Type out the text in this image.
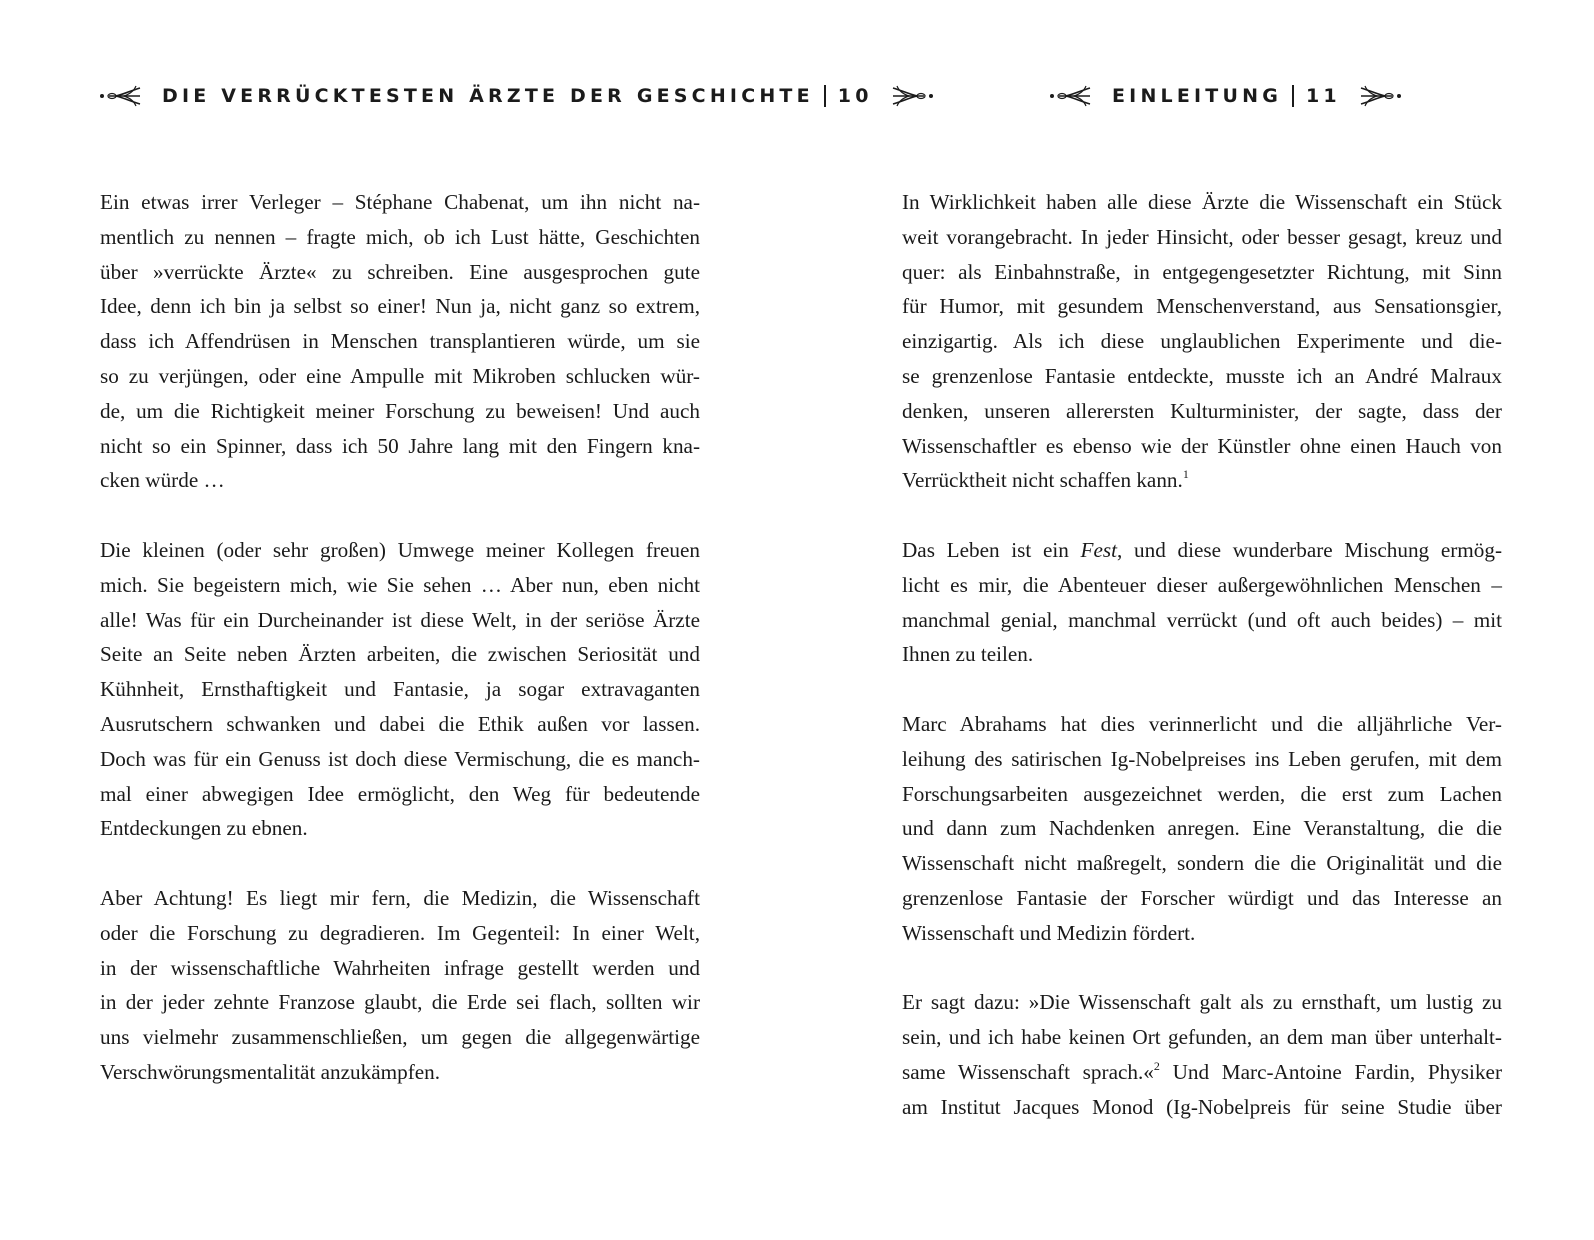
DIE VERRÜCKTESTEN ÄRZTE DER GESCHICHTE 10

Ein etwas irrer Verleger – Stéphane Chabenat, um ihn nicht na-
mentlich zu nennen – fragte mich, ob ich Lust hätte, Geschichten
über »verrückte Ärzte« zu schreiben. Eine ausgesprochen gute
Idee, denn ich bin ja selbst so einer! Nun ja, nicht ganz so extrem,
dass ich Affendrüsen in Menschen transplantieren würde, um sie
so zu verjüngen, oder eine Ampulle mit Mikroben schlucken wür-
de, um die Richtigkeit meiner Forschung zu beweisen! Und auch
nicht so ein Spinner, dass ich 50 Jahre lang mit den Fingern kna-
cken würde …

Die kleinen (oder sehr großen) Umwege meiner Kollegen freuen
mich. Sie begeistern mich, wie Sie sehen … Aber nun, eben nicht
alle! Was für ein Durcheinander ist diese Welt, in der seriöse Ärzte
Seite an Seite neben Ärzten arbeiten, die zwischen Seriosität und
Kühnheit, Ernsthaftigkeit und Fantasie, ja sogar extravaganten
Ausrutschern schwanken und dabei die Ethik außen vor lassen.
Doch was für ein Genuss ist doch diese Vermischung, die es manch-
mal einer abwegigen Idee ermöglicht, den Weg für bedeutende
Entdeckungen zu ebnen.

Aber Achtung! Es liegt mir fern, die Medizin, die Wissenschaft
oder die Forschung zu degradieren. Im Gegenteil: In einer Welt,
in der wissenschaftliche Wahrheiten infrage gestellt werden und
in der jeder zehnte Franzose glaubt, die Erde sei flach, sollten wir
uns vielmehr zusammenschließen, um gegen die allgegenwärtige
Verschwörungsmentalität anzukämpfen.

EINLEITUNG 11

In Wirklichkeit haben alle diese Ärzte die Wissenschaft ein Stück
weit vorangebracht. In jeder Hinsicht, oder besser gesagt, kreuz und
quer: als Einbahnstraße, in entgegengesetzter Richtung, mit Sinn
für Humor, mit gesundem Menschenverstand, aus Sensationsgier,
einzigartig. Als ich diese unglaublichen Experimente und die-
se grenzenlose Fantasie entdeckte, musste ich an André Malraux
denken, unseren allerersten Kulturminister, der sagte, dass der
Wissenschaftler es ebenso wie der Künstler ohne einen Hauch von
Verrücktheit nicht schaffen kann.$^1$

Das Leben ist ein Fest, und diese wunderbare Mischung ermög-
licht es mir, die Abenteuer dieser außergewöhnlichen Menschen –
manchmal genial, manchmal verrückt (und oft auch beides) – mit
Ihnen zu teilen.

Marc Abrahams hat dies verinnerlicht und die alljährliche Ver-
leihung des satirischen Ig-Nobelpreises ins Leben gerufen, mit dem
Forschungsarbeiten ausgezeichnet werden, die erst zum Lachen
und dann zum Nachdenken anregen. Eine Veranstaltung, die die
Wissenschaft nicht maßregelt, sondern die die Originalität und die
grenzenlose Fantasie der Forscher würdigt und das Interesse an
Wissenschaft und Medizin fördert.

Er sagt dazu: »Die Wissenschaft galt als zu ernsthaft, um lustig zu
sein, und ich habe keinen Ort gefunden, an dem man über unterhalt-
same Wissenschaft sprach.«$^2$ Und Marc-Antoine Fardin, Physiker
am Institut Jacques Monod (Ig-Nobelpreis für seine Studie über
